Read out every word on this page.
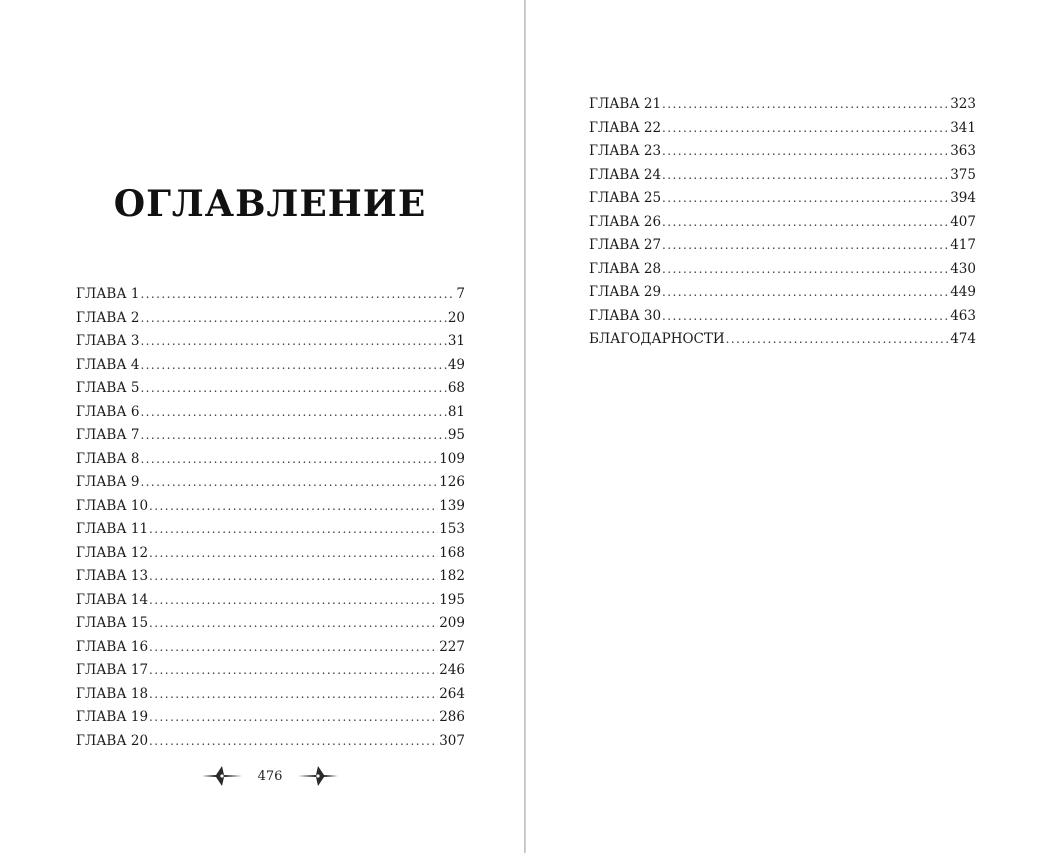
ОГЛАВЛЕНИЕ
ГЛАВА 1 . . .	7
ГЛАВА 2 . . .	20
ГЛАВА 3 . . .	31
ГЛАВА 4 . . .	49
ГЛАВА 5 . . .	68
ГЛАВА 6 . . .	81
ГЛАВА 7 . . .	95
ГЛАВА 8 . . .	109
ГЛАВА 9 . . .	126
ГЛАВА 10 . . .	139
ГЛАВА 11 . . .	153
ГЛАВА 12 . . .	168
ГЛАВА 13 . . .	182
ГЛАВА 14 . . .	195
ГЛАВА 15 . . .	209
ГЛАВА 16 . . .	227
ГЛАВА 17 . . .	246
ГЛАВА 18 . . .	264
ГЛАВА 19 . . .	286
ГЛАВА 20 . . .	307
476
ГЛАВА 21 . . .	323
ГЛАВА 22 . . .	341
ГЛАВА 23 . . .	363
ГЛАВА 24 . . .	375
ГЛАВА 25 . . .	394
ГЛАВА 26 . . .	407
ГЛАВА 27 . . .	417
ГЛАВА 28 . . .	430
ГЛАВА 29 . . .	449
ГЛАВА 30 . . .	463
БЛАГОДАРНОСТИ . . .	474
